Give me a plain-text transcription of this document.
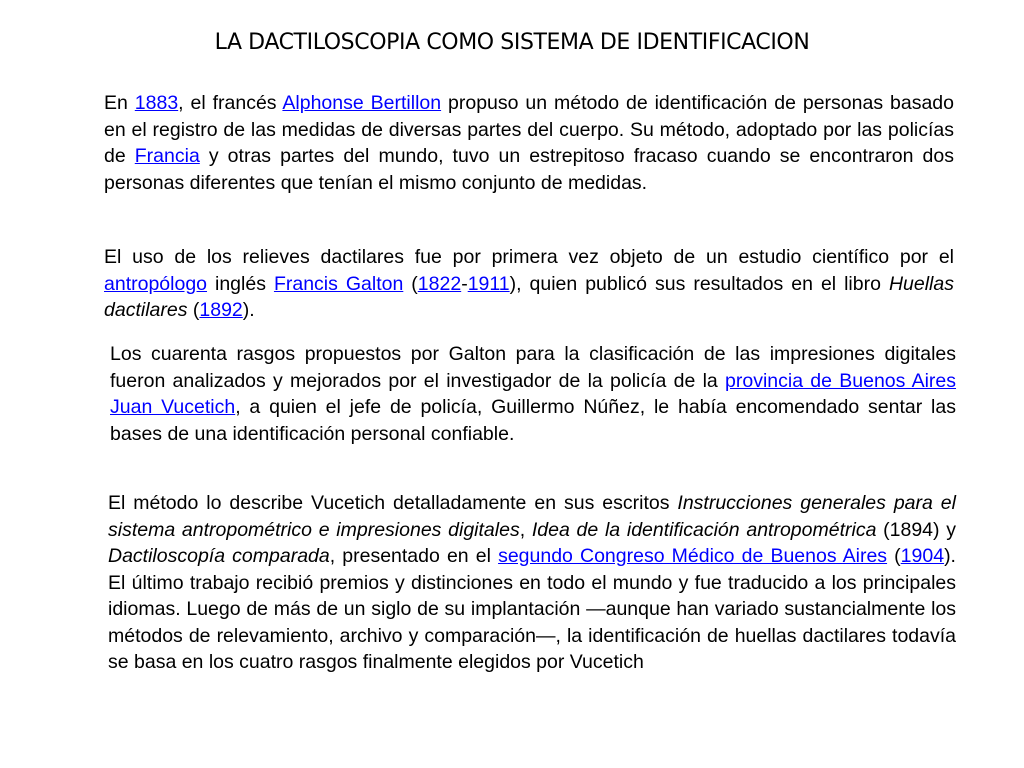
LA DACTILOSCOPIA COMO SISTEMA DE IDENTIFICACION

En 1883, el francés Alphonse Bertillon propuso un método de identificación de personas basado en el registro de las medidas de diversas partes del cuerpo. Su método, adoptado por las policías de Francia y otras partes del mundo, tuvo un estrepitoso fracaso cuando se encontraron dos personas diferentes que tenían el mismo conjunto de medidas.

El uso de los relieves dactilares fue por primera vez objeto de un estudio científico por el antropólogo inglés Francis Galton (1822-1911), quien publicó sus resultados en el libro Huellas dactilares (1892).

Los cuarenta rasgos propuestos por Galton para la clasificación de las impresiones digitales fueron analizados y mejorados por el investigador de la policía de la provincia de Buenos Aires Juan Vucetich, a quien el jefe de policía, Guillermo Núñez, le había encomendado sentar las bases de una identificación personal confiable.

El método lo describe Vucetich detalladamente en sus escritos Instrucciones generales para el sistema antropométrico e impresiones digitales, Idea de la identificación antropométrica (1894) y Dactiloscopía comparada, presentado en el segundo Congreso Médico de Buenos Aires (1904). El último trabajo recibió premios y distinciones en todo el mundo y fue traducido a los principales idiomas. Luego de más de un siglo de su implantación —aunque han variado sustancialmente los métodos de relevamiento, archivo y comparación—, la identificación de huellas dactilares todavía se basa en los cuatro rasgos finalmente elegidos por Vucetich
